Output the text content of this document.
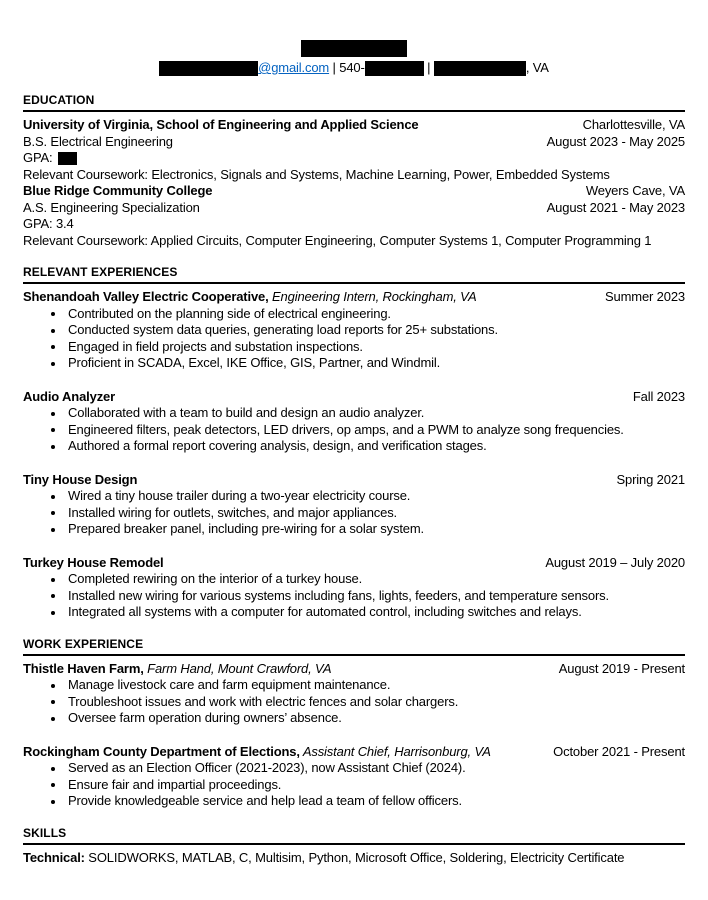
@gmail.com | 540-	|	, VA
EDUCATION
University of Virginia, School of Engineering and Applied Science	Charlottesville, VA
B.S. Electrical Engineering	August 2023 - May 2025
GPA:
Relevant Coursework: Electronics, Signals and Systems, Machine Learning, Power, Embedded Systems
Blue Ridge Community College	Weyers Cave, VA
A.S. Engineering Specialization	August 2021 - May 2023
GPA: 3.4
Relevant Coursework: Applied Circuits, Computer Engineering, Computer Systems 1, Computer Programming 1
RELEVANT EXPERIENCES
Shenandoah Valley Electric Cooperative, Engineering Intern, Rockingham, VA	Summer 2023
Contributed on the planning side of electrical engineering.
Conducted system data queries, generating load reports for 25+ substations.
Engaged in field projects and substation inspections.
Proficient in SCADA, Excel, IKE Office, GIS, Partner, and Windmil.
Audio Analyzer	Fall 2023
Collaborated with a team to build and design an audio analyzer.
Engineered filters, peak detectors, LED drivers, op amps, and a PWM to analyze song frequencies.
Authored a formal report covering analysis, design, and verification stages.
Tiny House Design	Spring 2021
Wired a tiny house trailer during a two-year electricity course.
Installed wiring for outlets, switches, and major appliances.
Prepared breaker panel, including pre-wiring for a solar system.
Turkey House Remodel	August 2019 – July 2020
Completed rewiring on the interior of a turkey house.
Installed new wiring for various systems including fans, lights, feeders, and temperature sensors.
Integrated all systems with a computer for automated control, including switches and relays.
WORK EXPERIENCE
Thistle Haven Farm, Farm Hand, Mount Crawford, VA	August 2019 - Present
Manage livestock care and farm equipment maintenance.
Troubleshoot issues and work with electric fences and solar chargers.
Oversee farm operation during owners’ absence.
Rockingham County Department of Elections, Assistant Chief, Harrisonburg, VA	October 2021 - Present
Served as an Election Officer (2021-2023), now Assistant Chief (2024).
Ensure fair and impartial proceedings.
Provide knowledgeable service and help lead a team of fellow officers.
SKILLS
Technical: SOLIDWORKS, MATLAB, C, Multisim, Python, Microsoft Office, Soldering, Electricity Certificate
